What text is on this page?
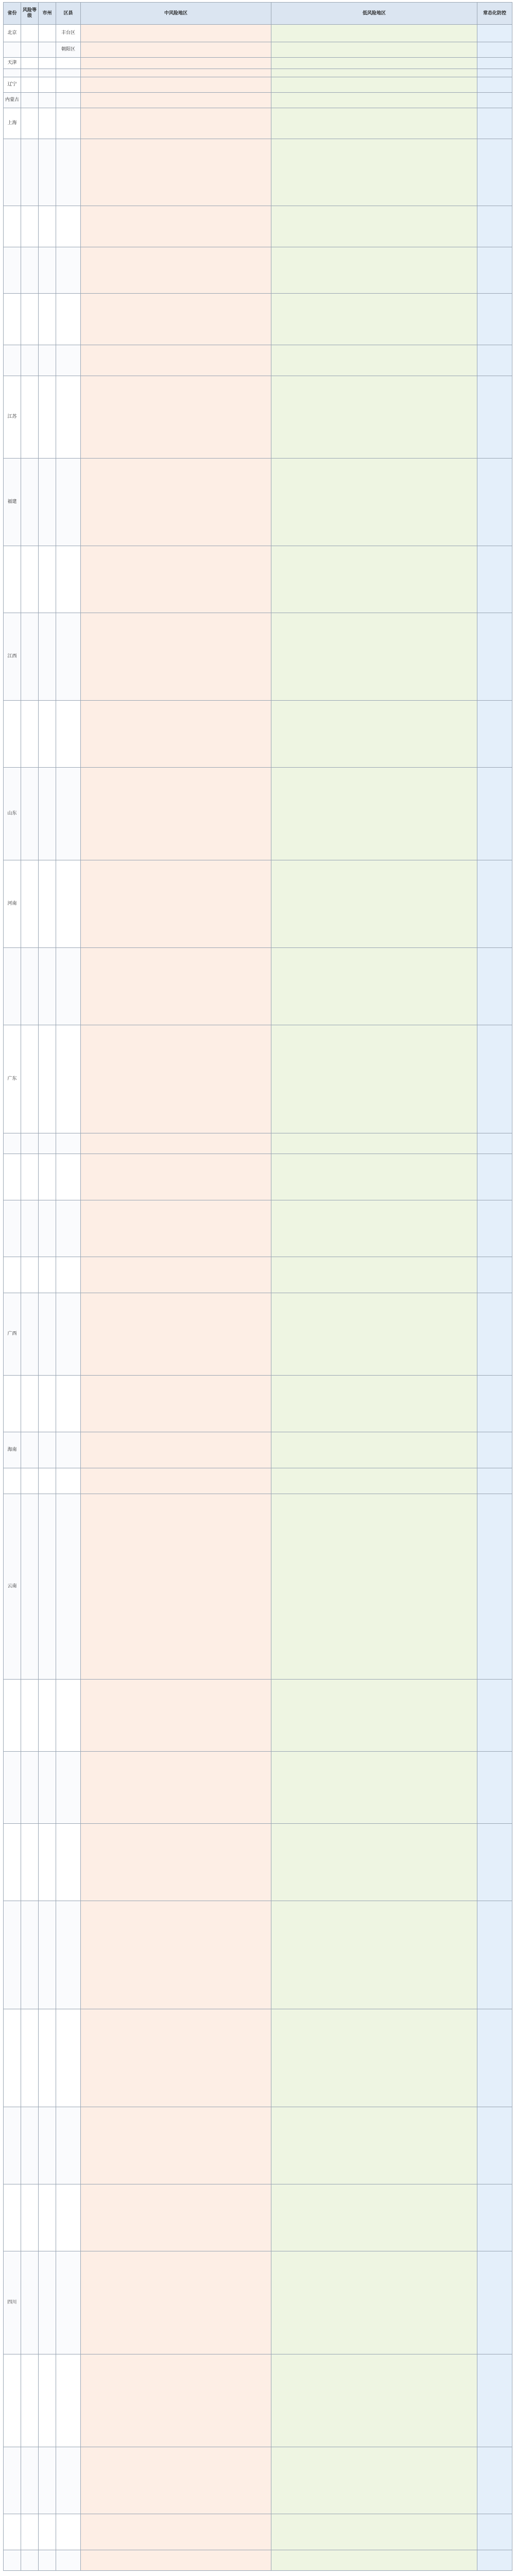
省份	风险等级	市州	区县	中风险地区	低风险地区	常态化防控
北京			丰台区			
			朝阳区			
天津						

辽宁						
内蒙古						
上海						

江苏						
福建						

江西						

山东						
河南						

广东						

广西						

海南						

云南						

四川						
